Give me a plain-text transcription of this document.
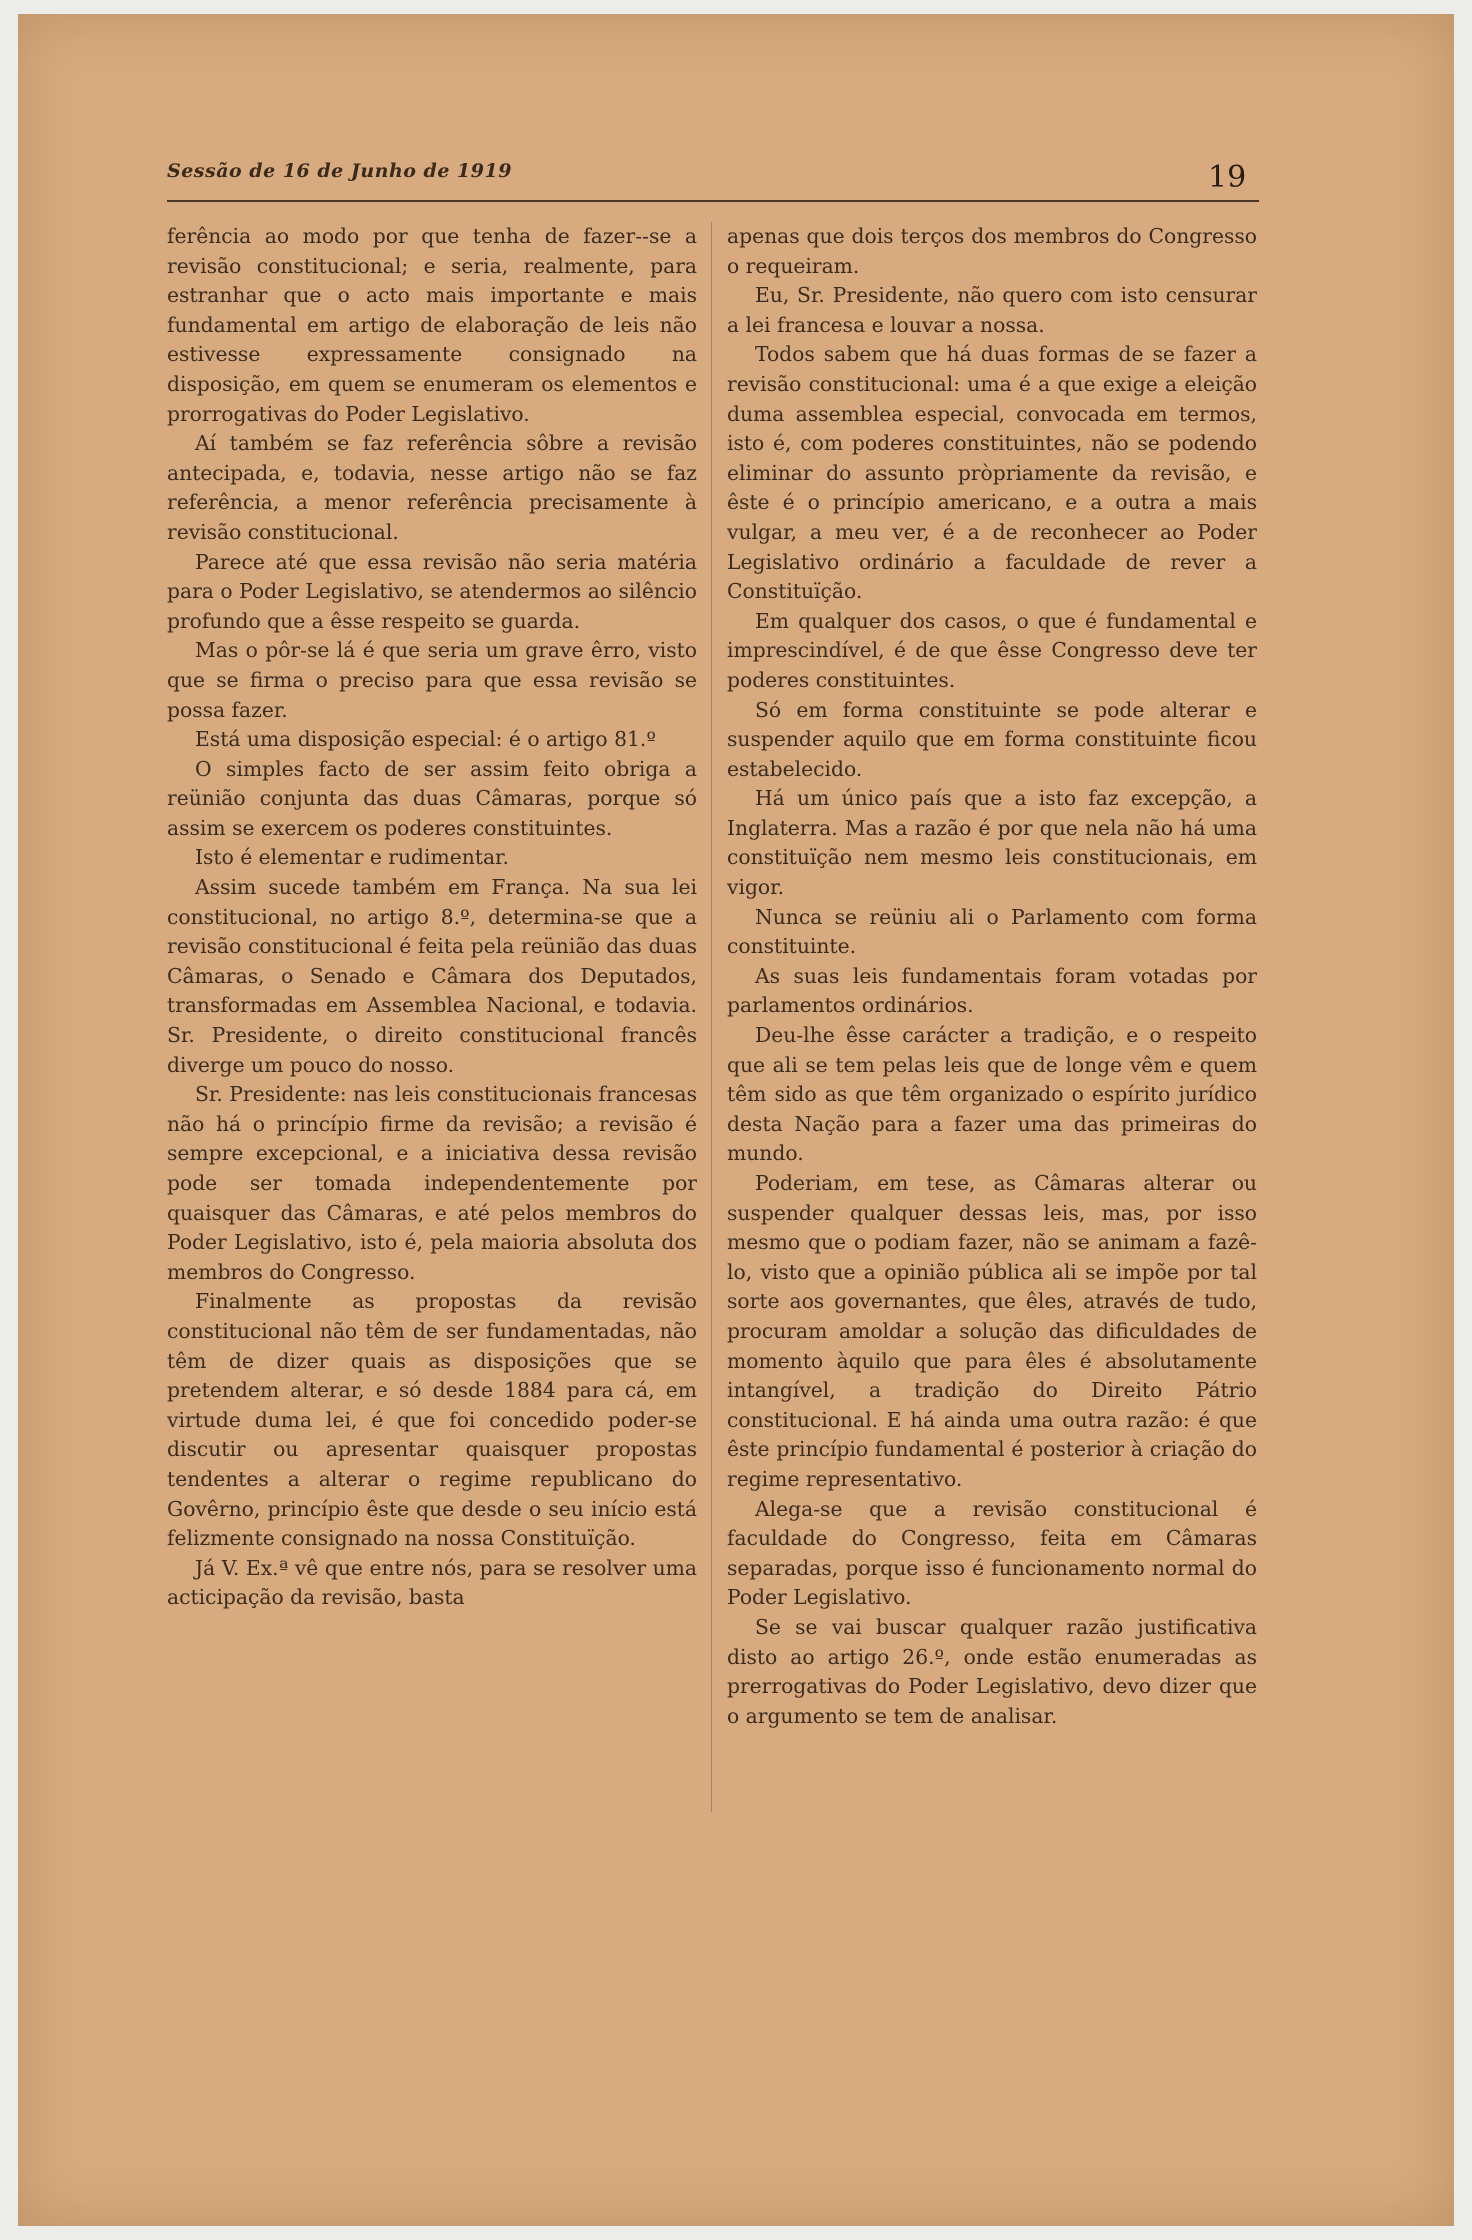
Sessão de 16 de Junho de 1919	19

ferência ao modo por que tenha de fazer--se a revisão constitucional; e seria, realmente, para estranhar que o acto mais importante e mais fundamental em artigo de elaboração de leis não estivesse expressamente consignado na disposição, em quem se enumeram os elementos e prorrogativas do Poder Legislativo.

Aí também se faz referência sôbre a revisão antecipada, e, todavia, nesse artigo não se faz referência, a menor referência precisamente à revisão constitucional.

Parece até que essa revisão não seria matéria para o Poder Legislativo, se atendermos ao silêncio profundo que a êsse respeito se guarda.

Mas o pôr-se lá é que seria um grave êrro, visto que se firma o preciso para que essa revisão se possa fazer.

Está uma disposição especial: é o artigo 81.º

O simples facto de ser assim feito obriga a reünião conjunta das duas Câmaras, porque só assim se exercem os poderes constituintes.

Isto é elementar e rudimentar.

Assim sucede também em França. Na sua lei constitucional, no artigo 8.º, determina-se que a revisão constitucional é feita pela reünião das duas Câmaras, o Senado e Câmara dos Deputados, transformadas em Assemblea Nacional, e todavia. Sr. Presidente, o direito constitucional francês diverge um pouco do nosso.

Sr. Presidente: nas leis constitucionais francesas não há o princípio firme da revisão; a revisão é sempre excepcional, e a iniciativa dessa revisão pode ser tomada independentemente por quaisquer das Câmaras, e até pelos membros do Poder Legislativo, isto é, pela maioria absoluta dos membros do Congresso.

Finalmente as propostas da revisão constitucional não têm de ser fundamentadas, não têm de dizer quais as disposições que se pretendem alterar, e só desde 1884 para cá, em virtude duma lei, é que foi concedido poder-se discutir ou apresentar quaisquer propostas tendentes a alterar o regime republicano do Govêrno, princípio êste que desde o seu início está felizmente consignado na nossa Constituïção.

Já V. Ex.ª vê que entre nós, para se resolver uma acticipação da revisão, basta

apenas que dois terços dos membros do Congresso o requeiram.

Eu, Sr. Presidente, não quero com isto censurar a lei francesa e louvar a nossa.

Todos sabem que há duas formas de se fazer a revisão constitucional: uma é a que exige a eleição duma assemblea especial, convocada em termos, isto é, com poderes constituintes, não se podendo eliminar do assunto pròpriamente da revisão, e êste é o princípio americano, e a outra a mais vulgar, a meu ver, é a de reconhecer ao Poder Legislativo ordinário a faculdade de rever a Constituïção.

Em qualquer dos casos, o que é fundamental e imprescindível, é de que êsse Congresso deve ter poderes constituintes.

Só em forma constituinte se pode alterar e suspender aquilo que em forma constituinte ficou estabelecido.

Há um único país que a isto faz excepção, a Inglaterra. Mas a razão é por que nela não há uma constituïção nem mesmo leis constitucionais, em vigor.

Nunca se reüniu ali o Parlamento com forma constituinte.

As suas leis fundamentais foram votadas por parlamentos ordinários.

Deu-lhe êsse carácter a tradição, e o respeito que ali se tem pelas leis que de longe vêm e quem têm sido as que têm organizado o espírito jurídico desta Nação para a fazer uma das primeiras do mundo.

Poderiam, em tese, as Câmaras alterar ou suspender qualquer dessas leis, mas, por isso mesmo que o podiam fazer, não se animam a fazê-lo, visto que a opinião pública ali se impõe por tal sorte aos governantes, que êles, através de tudo, procuram amoldar a solução das dificuldades de momento àquilo que para êles é absolutamente intangível, a tradição do Direito Pátrio constitucional. E há ainda uma outra razão: é que êste princípio fundamental é posterior à criação do regime representativo.

Alega-se que a revisão constitucional é faculdade do Congresso, feita em Câmaras separadas, porque isso é funcionamento normal do Poder Legislativo.

Se se vai buscar qualquer razão justificativa disto ao artigo 26.º, onde estão enumeradas as prerrogativas do Poder Legislativo, devo dizer que o argumento se tem de analisar.
